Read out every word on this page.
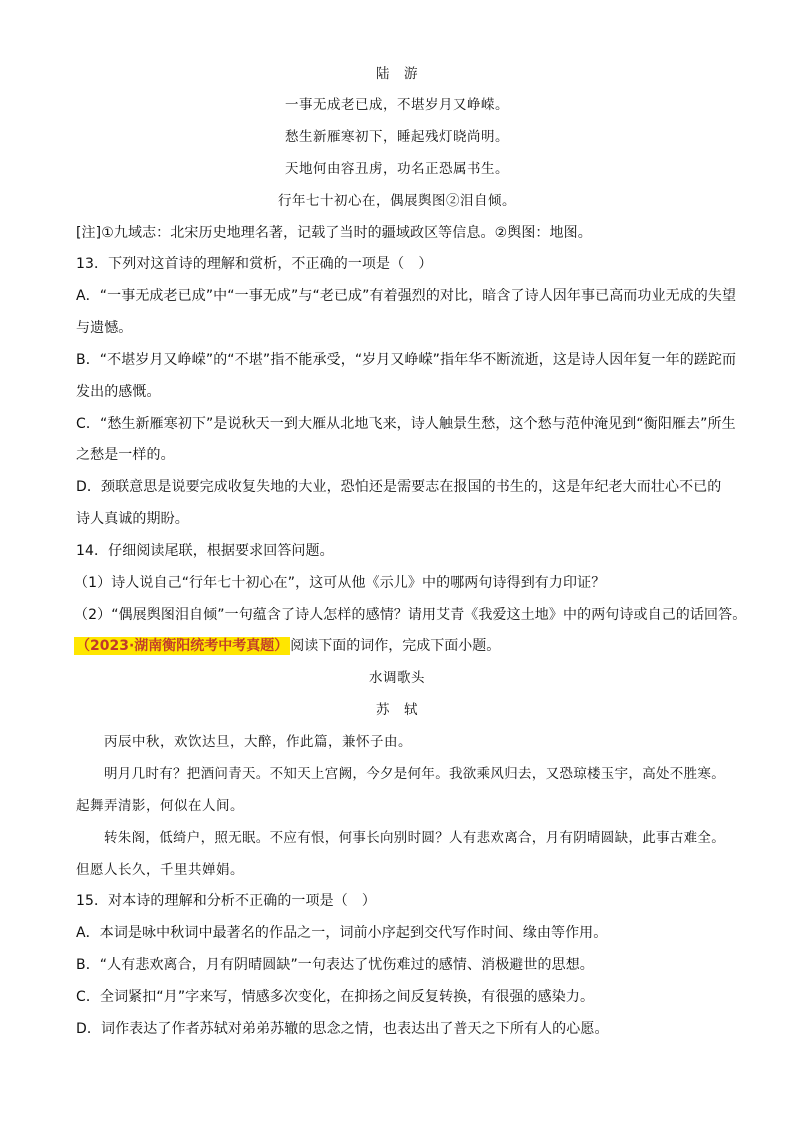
陆　游
一事无成老已成，不堪岁月又峥嵘。
愁生新雁寒初下，睡起残灯晓尚明。
天地何由容丑虏，功名正恐属书生。
行年七十初心在，偶展舆图②泪自倾。
[注]①九域志：北宋历史地理名著，记载了当时的疆域政区等信息。②舆图：地图。
13．下列对这首诗的理解和赏析，不正确的一项是（　）
A．“一事无成老已成”中“一事无成”与“老已成”有着强烈的对比，暗含了诗人因年事已高而功业无成的失望
与遗憾。
B．“不堪岁月又峥嵘”的“不堪”指不能承受，“岁月又峥嵘”指年华不断流逝，这是诗人因年复一年的蹉跎而
发出的感慨。
C．“愁生新雁寒初下”是说秋天一到大雁从北地飞来，诗人触景生愁，这个愁与范仲淹见到“衡阳雁去”所生
之愁是一样的。
D．颈联意思是说要完成收复失地的大业，恐怕还是需要志在报国的书生的，这是年纪老大而壮心不已的
诗人真诚的期盼。
14．仔细阅读尾联，根据要求回答问题。
（1）诗人说自己“行年七十初心在”，这可从他《示儿》中的哪两句诗得到有力印证？
（2）“偶展舆图泪自倾”一句蕴含了诗人怎样的感情？请用艾青《我爱这土地》中的两句诗或自己的话回答。
（2023·湖南衡阳统考中考真题） 阅读下面的词作，完成下面小题。
水调歌头
苏　轼
丙辰中秋，欢饮达旦，大醉，作此篇，兼怀子由。
明月几时有？把酒问青天。不知天上宫阙，今夕是何年。我欲乘风归去，又恐琼楼玉宇，高处不胜寒。
起舞弄清影，何似在人间。
转朱阁，低绮户，照无眠。不应有恨，何事长向别时圆？人有悲欢离合，月有阴晴圆缺，此事古难全。
但愿人长久，千里共婵娟。
15．对本诗的理解和分析不正确的一项是（　）
A．本词是咏中秋词中最著名的作品之一，词前小序起到交代写作时间、缘由等作用。
B．“人有悲欢离合，月有阴晴圆缺”一句表达了忧伤难过的感情、消极避世的思想。
C．全词紧扣“月”字来写，情感多次变化，在抑扬之间反复转换，有很强的感染力。
D．词作表达了作者苏轼对弟弟苏辙的思念之情，也表达出了普天之下所有人的心愿。
